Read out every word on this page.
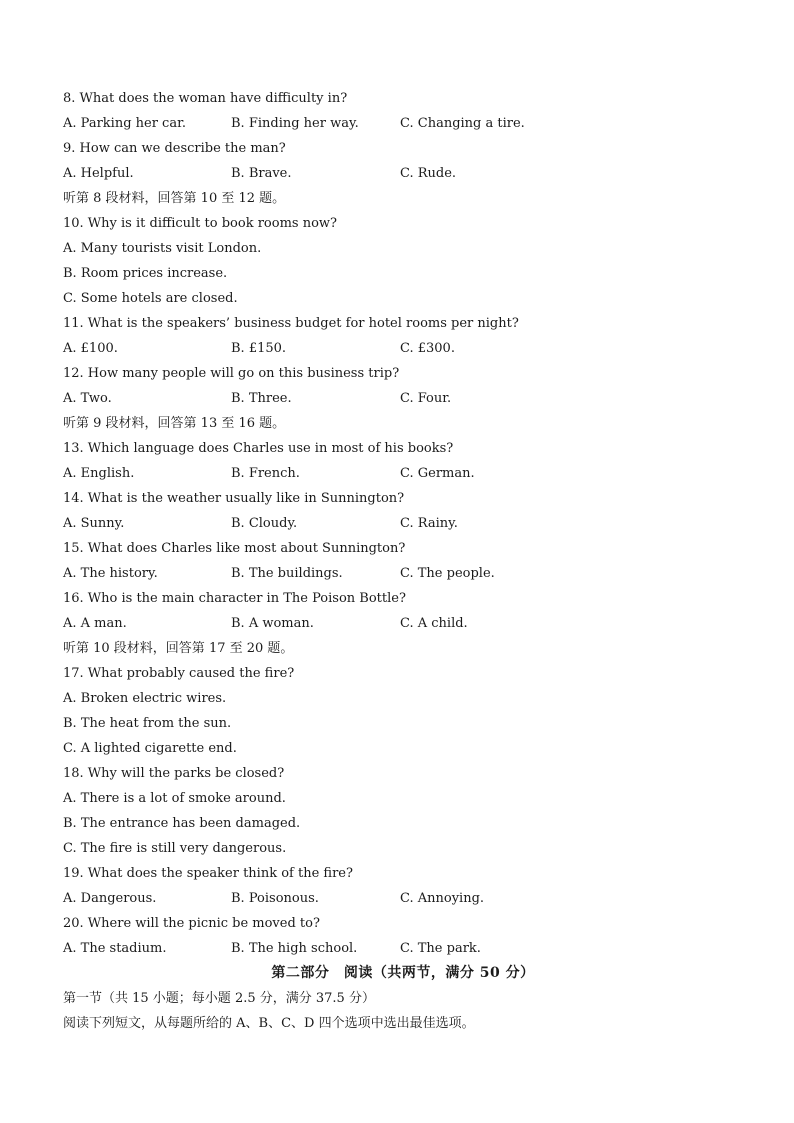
8. What does the woman have difficulty in?
A. Parking her car.	B. Finding her way.	C. Changing a tire.
9. How can we describe the man?
A. Helpful.	B. Brave.	C. Rude.
听第 8 段材料，回答第 10 至 12 题。
10. Why is it difficult to book rooms now?
A. Many tourists visit London.
B. Room prices increase.
C. Some hotels are closed.
11. What is the speakers’ business budget for hotel rooms per night?
A. £100.	B. £150.	C. £300.
12. How many people will go on this business trip?
A. Two.	B. Three.	C. Four.
听第 9 段材料，回答第 13 至 16 题。
13. Which language does Charles use in most of his books?
A. English.	B. French.	C. German.
14. What is the weather usually like in Sunnington?
A. Sunny.	B. Cloudy.	C. Rainy.
15. What does Charles like most about Sunnington?
A. The history.	B. The buildings.	C. The people.
16. Who is the main character in The Poison Bottle?
A. A man.	B. A woman.	C. A child.
听第 10 段材料，回答第 17 至 20 题。
17. What probably caused the fire?
A. Broken electric wires.
B. The heat from the sun.
C. A lighted cigarette end.
18. Why will the parks be closed?
A. There is a lot of smoke around.
B. The entrance has been damaged.
C. The fire is still very dangerous.
19. What does the speaker think of the fire?
A. Dangerous.	B. Poisonous.	C. Annoying.
20. Where will the picnic be moved to?
A. The stadium.	B. The high school.	C. The park.
第二部分　阅读（共两节，满分 50 分）
第一节（共 15 小题；每小题 2.5 分，满分 37.5 分）
阅读下列短文，从每题所给的 A、B、C、D 四个选项中选出最佳选项。
